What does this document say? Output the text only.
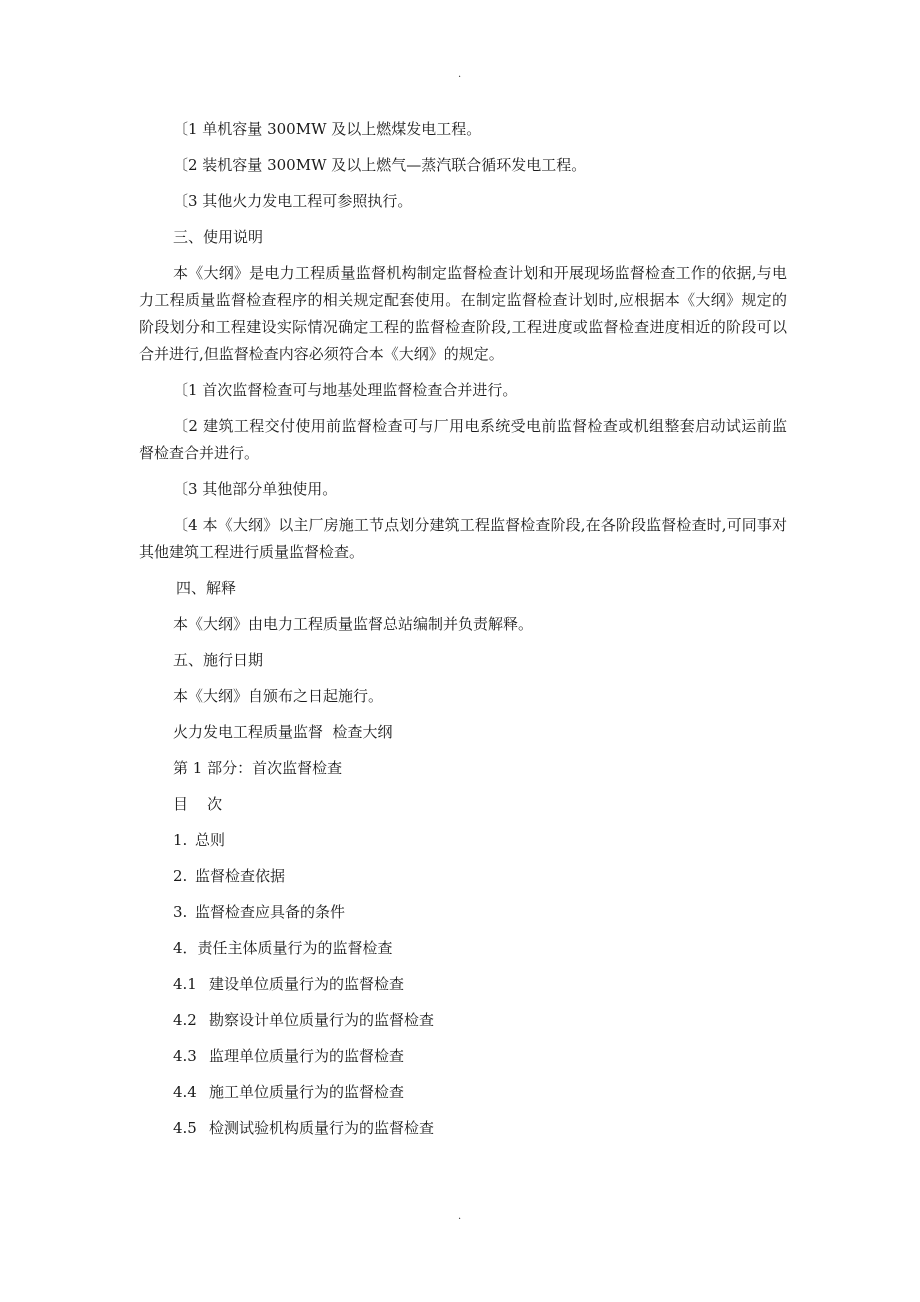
.

〔1 单机容量 300MW 及以上燃煤发电工程。

〔2 装机容量 300MW 及以上燃气—蒸汽联合循环发电工程。

〔3 其他火力发电工程可参照执行。

三、使用说明

本《大纲》是电力工程质量监督机构制定监督检查计划和开展现场监督检查工作的依据,与电力工程质量监督检查程序的相关规定配套使用。在制定监督检查计划时,应根据本《大纲》规定的阶段划分和工程建设实际情况确定工程的监督检查阶段,工程进度或监督检查进度相近的阶段可以合并进行,但监督检查内容必须符合本《大纲》的规定。

〔1 首次监督检查可与地基处理监督检查合并进行。

〔2 建筑工程交付使用前监督检查可与厂用电系统受电前监督检查或机组整套启动试运前监督检查合并进行。

〔3 其他部分单独使用。

〔4 本《大纲》以主厂房施工节点划分建筑工程监督检查阶段,在各阶段监督检查时,可同事对其他建筑工程进行质量监督检查。

四、解释

本《大纲》由电力工程质量监督总站编制并负责解释。

五、施行日期

本《大纲》自颁布之日起施行。

火力发电工程质量监督  检查大纲

第 1 部分：首次监督检查

目    次

1. 总则
2. 监督检查依据
3. 监督检查应具备的条件
4．责任主体质量行为的监督检查
4.1 建设单位质量行为的监督检查
4.2 勘察设计单位质量行为的监督检查
4.3 监理单位质量行为的监督检查
4.4 施工单位质量行为的监督检查
4.5 检测试验机构质量行为的监督检查
.
